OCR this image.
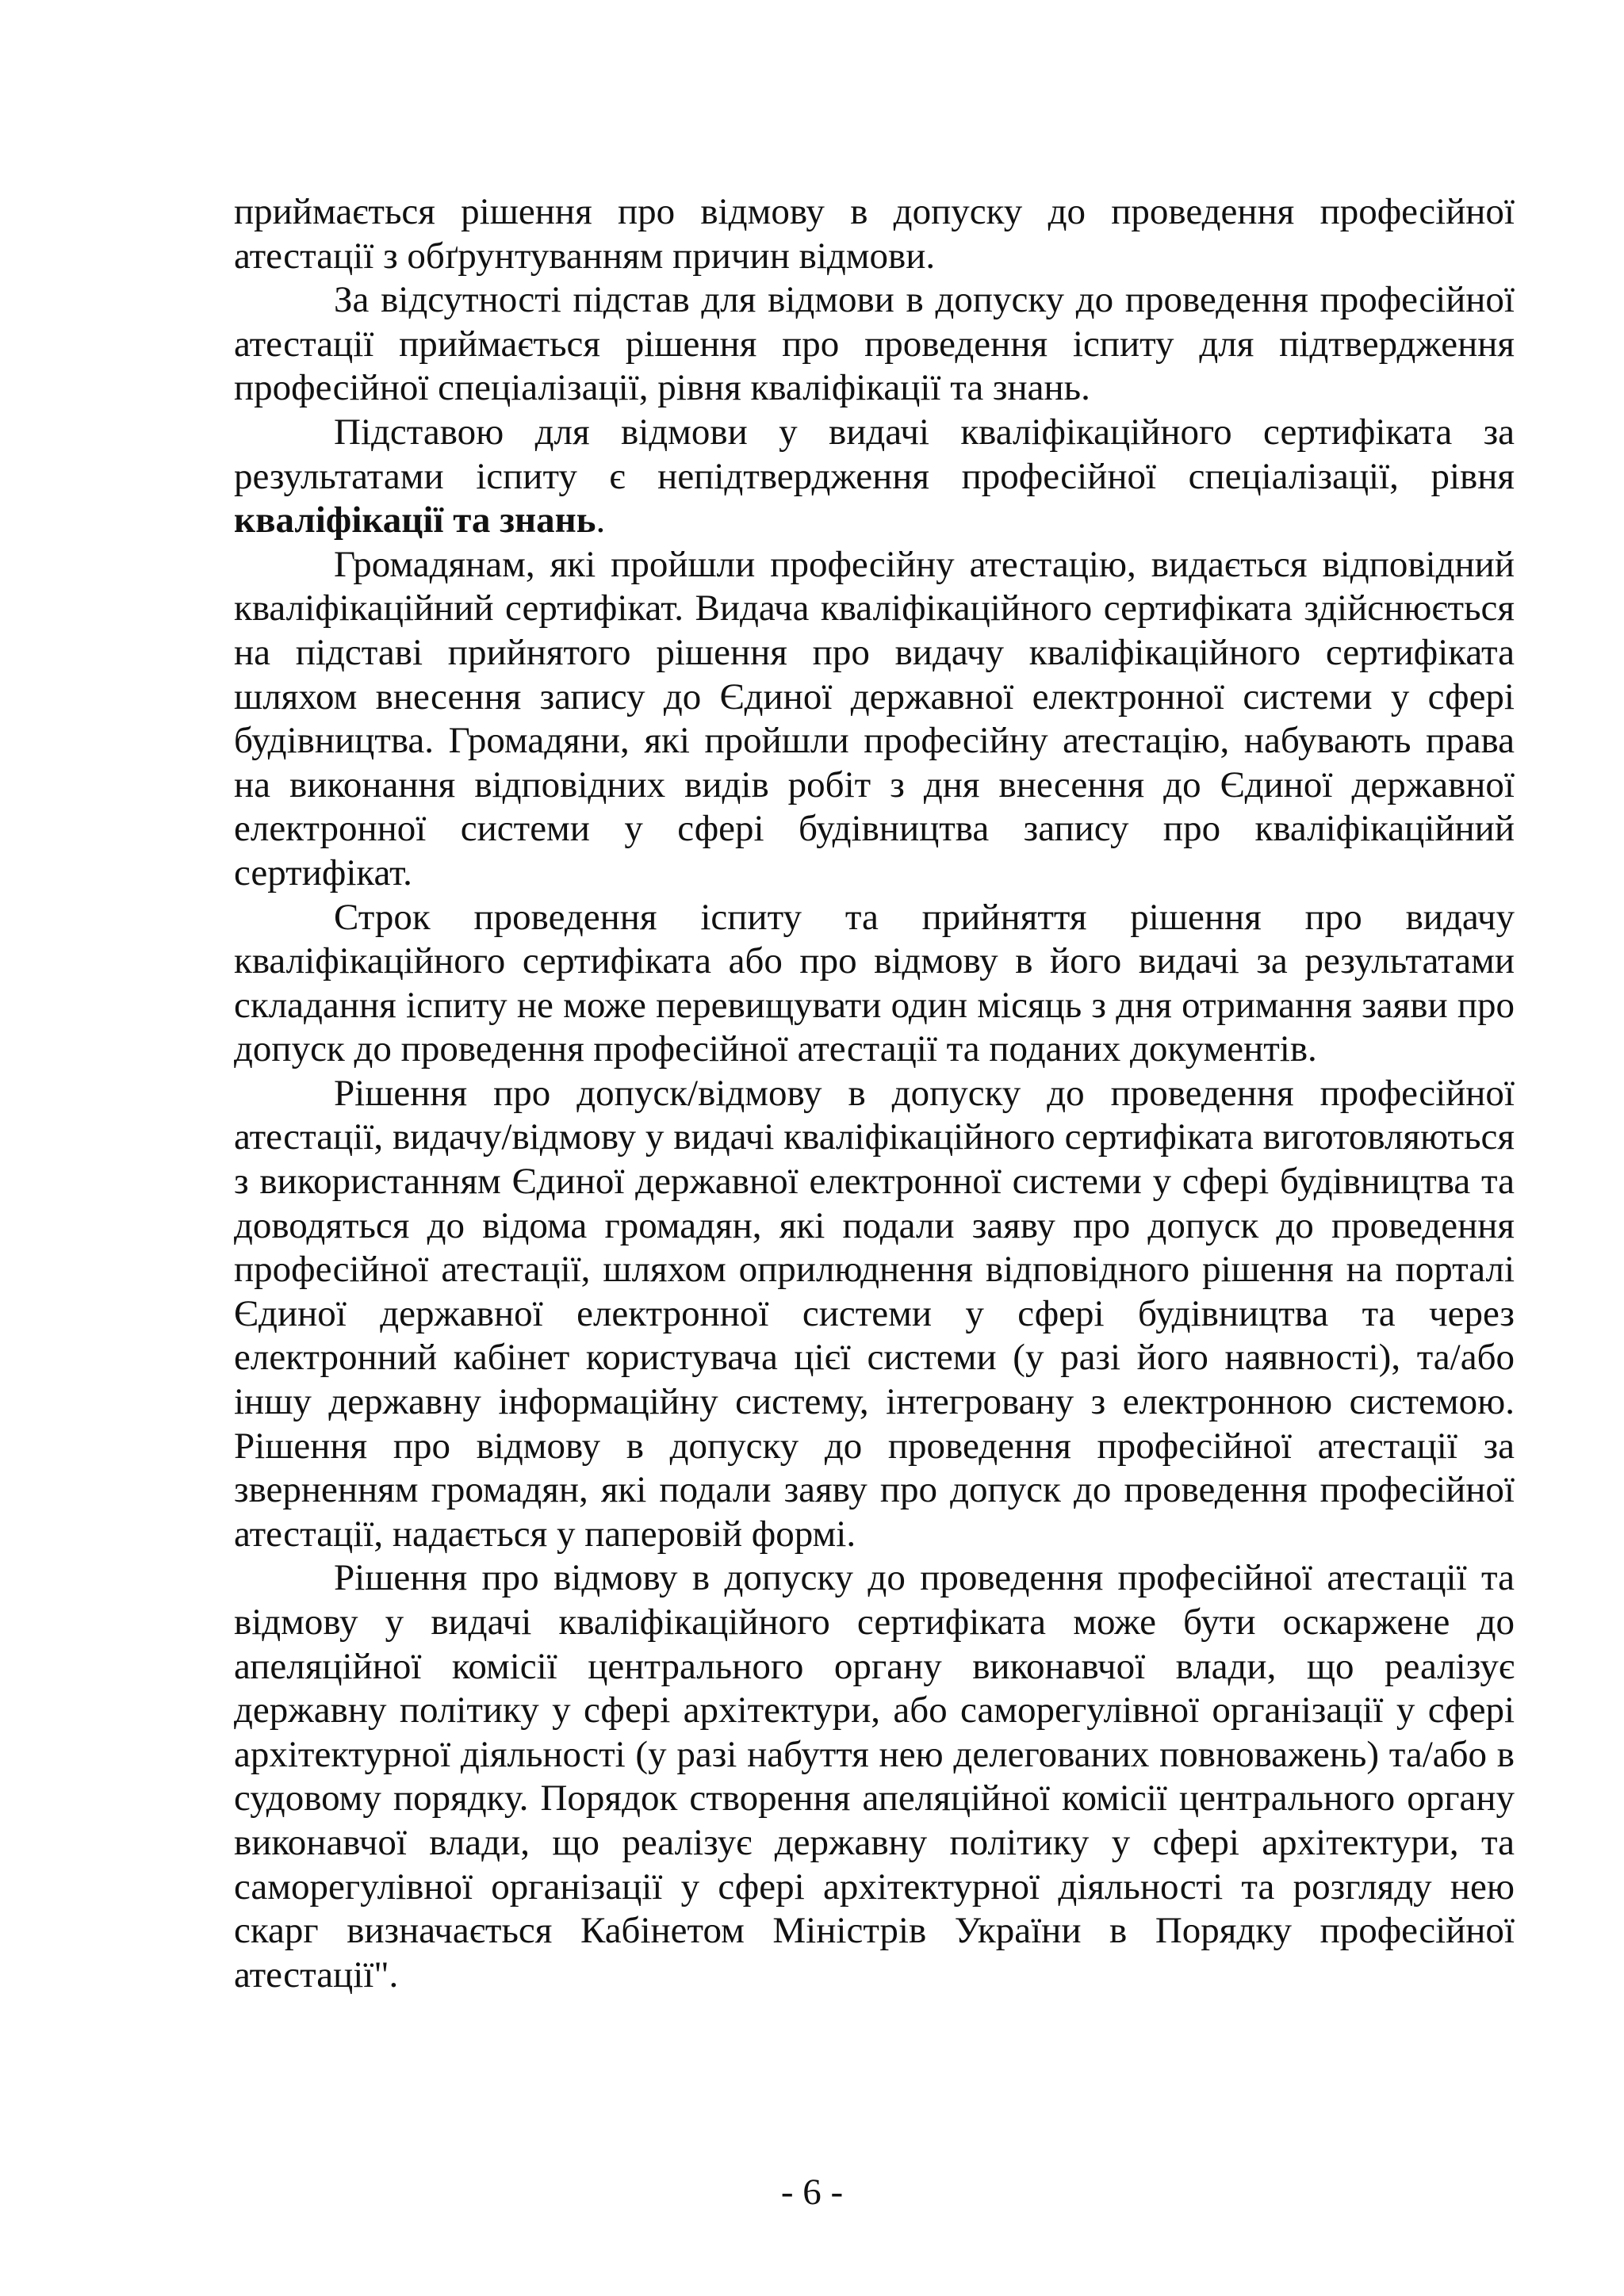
приймається рішення про відмову в допуску до проведення професійної атестації з обґрунтуванням причин відмови.

За відсутності підстав для відмови в допуску до проведення професійної атестації приймається рішення про проведення іспиту для підтвердження професійної спеціалізації, рівня кваліфікації та знань.

Підставою для відмови у видачі кваліфікаційного сертифіката за результатами іспиту є непідтвердження професійної спеціалізації, рівня кваліфікації та знань.

Громадянам, які пройшли професійну атестацію, видається відповідний кваліфікаційний сертифікат. Видача кваліфікаційного сертифіката здійснюється на підставі прийнятого рішення про видачу кваліфікаційного сертифіката шляхом внесення запису до Єдиної державної електронної системи у сфері будівництва. Громадяни, які пройшли професійну атестацію, набувають права на виконання відповідних видів робіт з дня внесення до Єдиної державної електронної системи у сфері будівництва запису про кваліфікаційний сертифікат.

Строк проведення іспиту та прийняття рішення про видачу кваліфікаційного сертифіката або про відмову в його видачі за результатами складання іспиту не може перевищувати один місяць з дня отримання заяви про допуск до проведення професійної атестації та поданих документів.

Рішення про допуск/відмову в допуску до проведення професійної атестації, видачу/відмову у видачі кваліфікаційного сертифіката виготовляються з використанням Єдиної державної електронної системи у сфері будівництва та доводяться до відома громадян, які подали заяву про допуск до проведення професійної атестації, шляхом оприлюднення відповідного рішення на порталі Єдиної державної електронної системи у сфері будівництва та через електронний кабінет користувача цієї системи (у разі його наявності), та/або іншу державну інформаційну систему, інтегровану з електронною системою. Рішення про відмову в допуску до проведення професійної атестації за зверненням громадян, які подали заяву про допуск до проведення професійної атестації, надається у паперовій формі.

Рішення про відмову в допуску до проведення професійної атестації та відмову у видачі кваліфікаційного сертифіката може бути оскаржене до апеляційної комісії центрального органу виконавчої влади, що реалізує державну політику у сфері архітектури, або саморегулівної організації у сфері архітектурної діяльності (у разі набуття нею делегованих повноважень) та/або в судовому порядку. Порядок створення апеляційної комісії центрального органу виконавчої влади, що реалізує державну політику у сфері архітектури, та саморегулівної організації у сфері архітектурної діяльності та розгляду нею скарг визначається Кабінетом Міністрів України в Порядку професійної атестації".

- 6 -
